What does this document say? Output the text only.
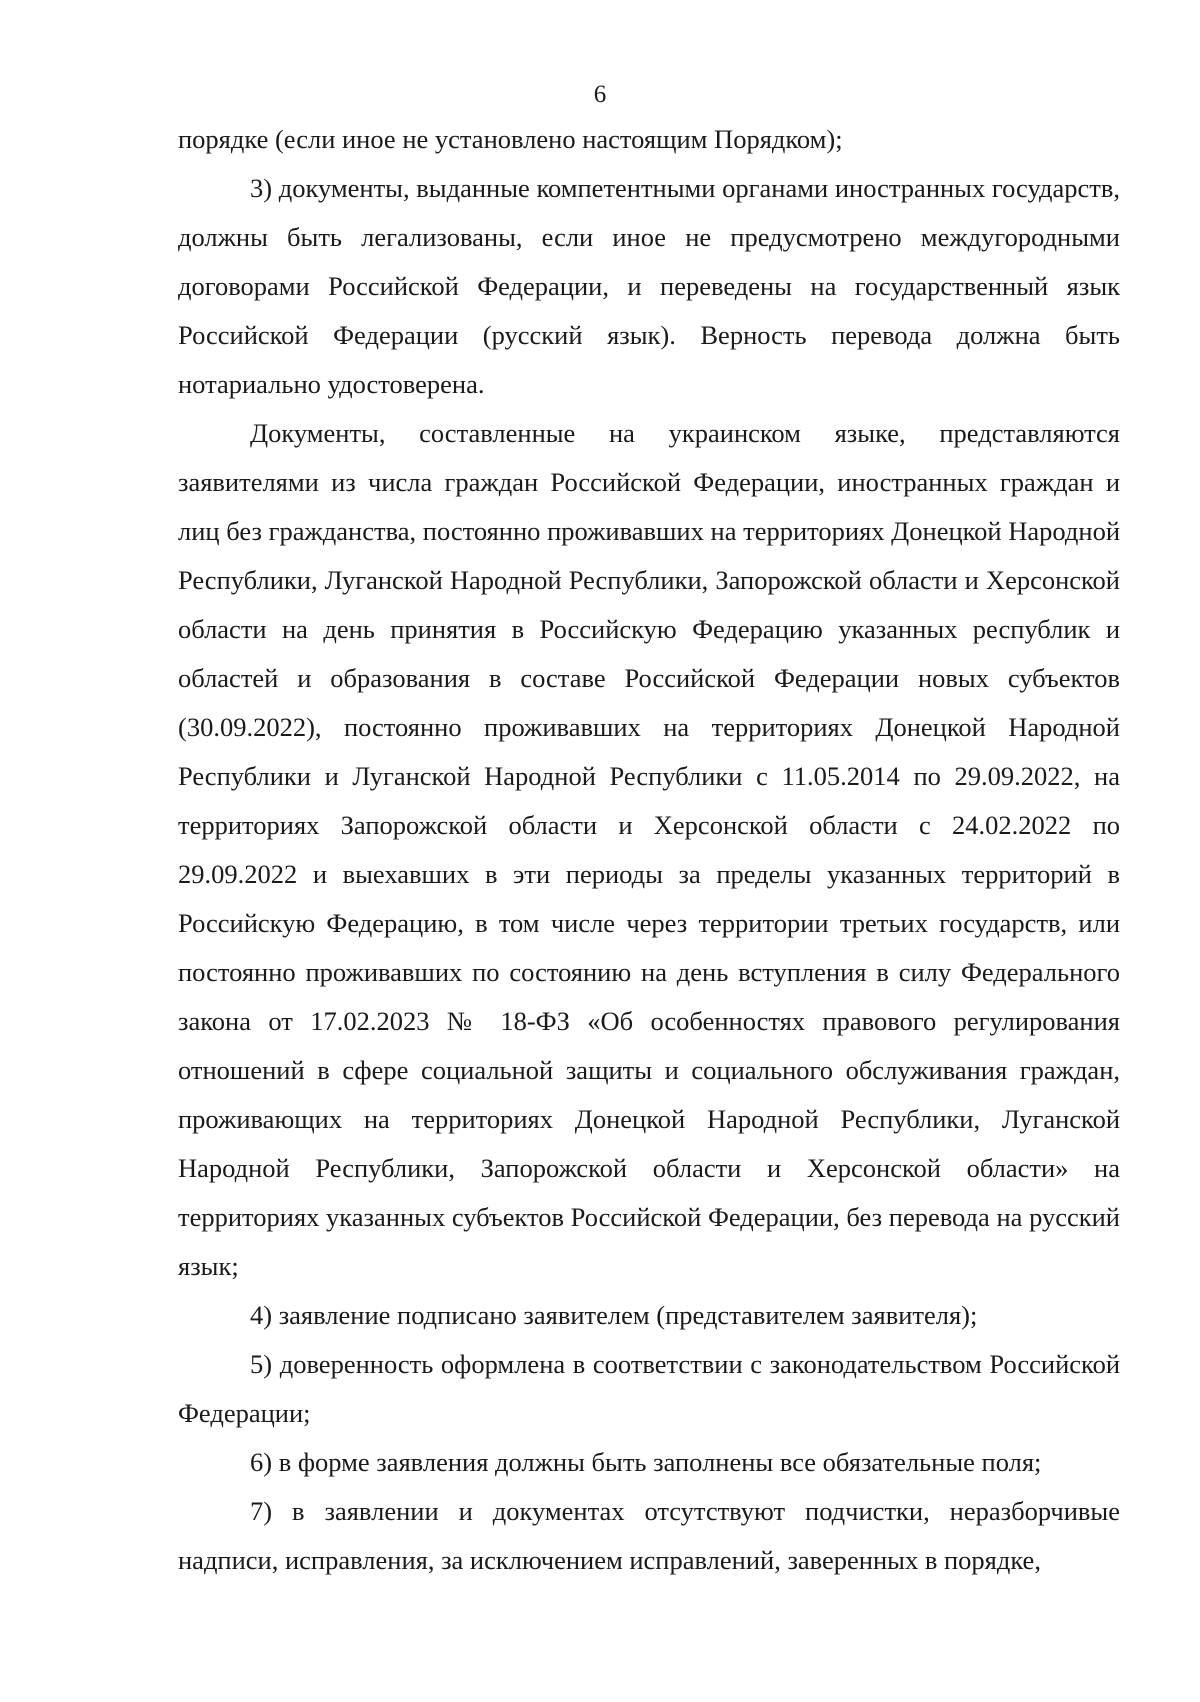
6

порядке (если иное не установлено настоящим Порядком);

3) документы, выданные компетентными органами иностранных государств, должны быть легализованы, если иное не предусмотрено междугородными договорами Российской Федерации, и переведены на государственный язык Российской Федерации (русский язык). Верность перевода должна быть нотариально удостоверена.

Документы, составленные на украинском языке, представляются заявителями из числа граждан Российской Федерации, иностранных граждан и лиц без гражданства, постоянно проживавших на территориях Донецкой Народной Республики, Луганской Народной Республики, Запорожской области и Херсонской области на день принятия в Российскую Федерацию указанных республик и областей и образования в составе Российской Федерации новых субъектов (30.09.2022), постоянно проживавших на территориях Донецкой Народной Республики и Луганской Народной Республики с 11.05.2014 по 29.09.2022, на территориях Запорожской области и Херсонской области с 24.02.2022 по 29.09.2022 и выехавших в эти периоды за пределы указанных территорий в Российскую Федерацию, в том числе через территории третьих государств, или постоянно проживавших по состоянию на день вступления в силу Федерального закона от 17.02.2023 № 18-ФЗ «Об особенностях правового регулирования отношений в сфере социальной защиты и социального обслуживания граждан, проживающих на территориях Донецкой Народной Республики, Луганской Народной Республики, Запорожской области и Херсонской области» на территориях указанных субъектов Российской Федерации, без перевода на русский язык;

4) заявление подписано заявителем (представителем заявителя);

5) доверенность оформлена в соответствии с законодательством Российской Федерации;

6) в форме заявления должны быть заполнены все обязательные поля;

7) в заявлении и документах отсутствуют подчистки, неразборчивые надписи, исправления, за исключением исправлений, заверенных в порядке,
